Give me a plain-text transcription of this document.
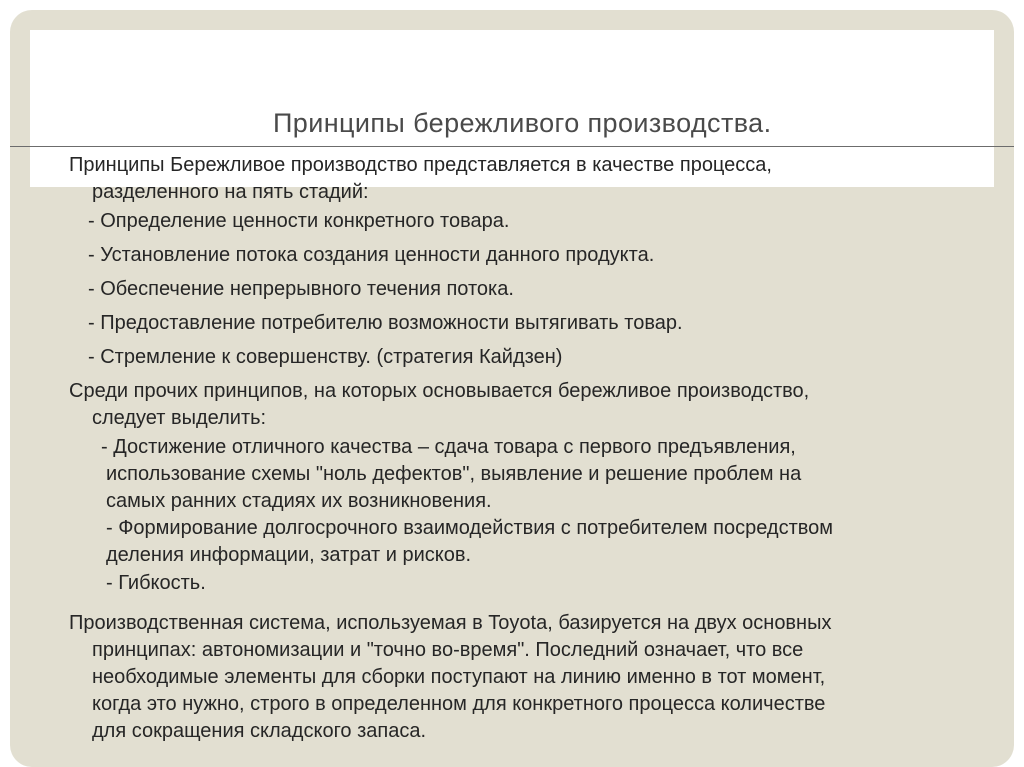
Принципы бережливого производства.
Принципы Бережливое производство представляется в качестве процесса,
разделенного на пять стадий:
- Определение ценности конкретного товара.
- Установление потока создания ценности данного продукта.
- Обеспечение непрерывного течения потока.
- Предоставление потребителю возможности вытягивать товар.
- Стремление к совершенству. (стратегия Кайдзен)
Среди прочих принципов, на которых основывается бережливое производство,
следует выделить:
- Достижение отличного качества – сдача товара с первого предъявления,
использование схемы "ноль дефектов", выявление и решение проблем на
самых ранних стадиях их возникновения.
- Формирование долгосрочного взаимодействия с потребителем посредством
деления информации, затрат и рисков.
- Гибкость.
Производственная система, используемая в Toyota, базируется на двух основных
принципах: автономизации и "точно во-время". Последний означает, что все
необходимые элементы для сборки поступают на линию именно в тот момент,
когда это нужно, строго в определенном для конкретного процесса количестве
для сокращения складского запаса.
